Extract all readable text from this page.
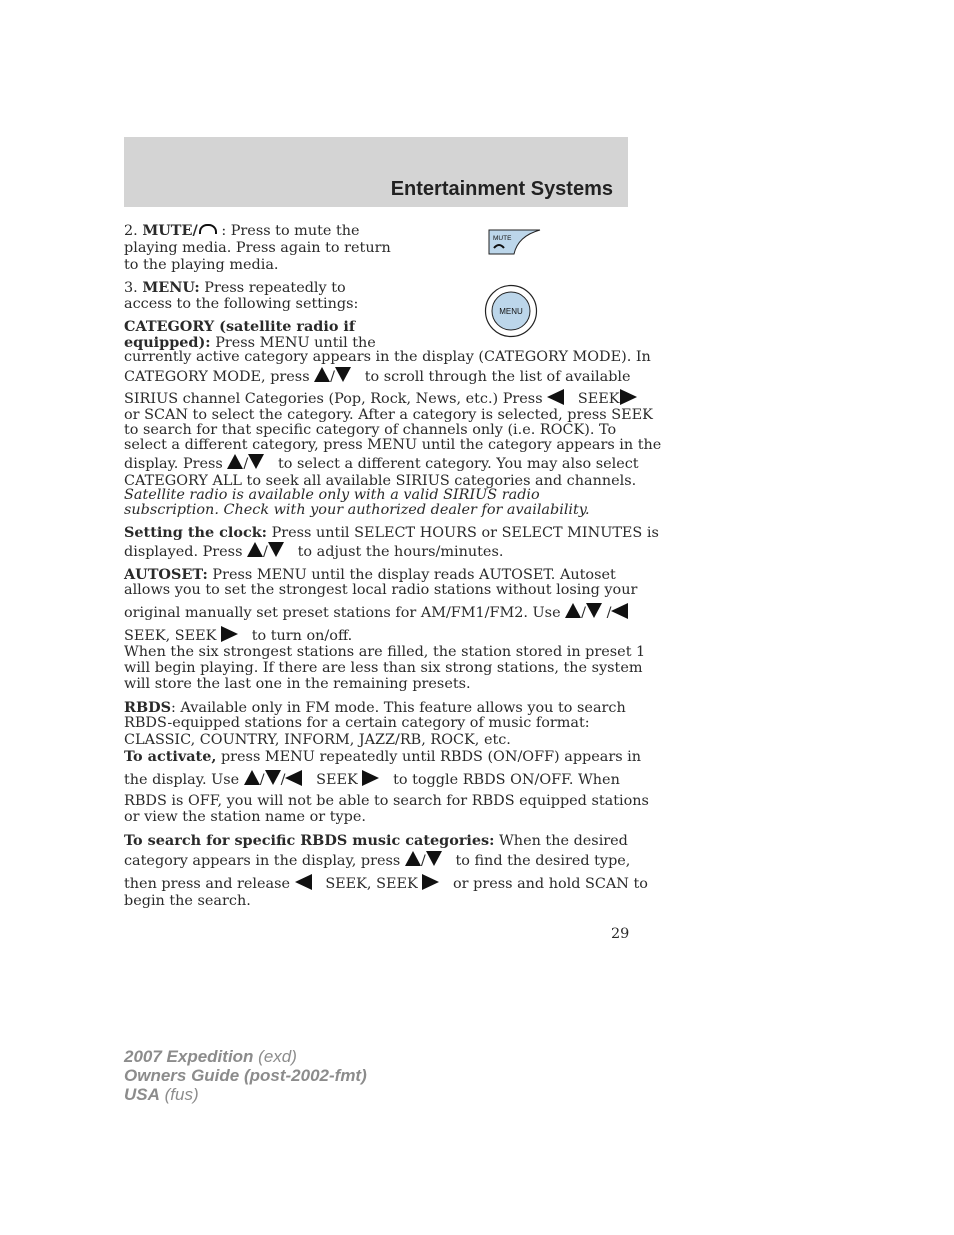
Entertainment Systems
2. MUTE/ : Press to mute the
playing media. Press again to return
to the playing media.
MUTE
3. MENU: Press repeatedly to
access to the following settings:	MENU
CATEGORY (satellite radio if
equipped): Press MENU until the
currently active category appears in the display (CATEGORY MODE). In
CATEGORY MODE, press / to scroll through the list of available
SIRIUS channel Categories (Pop, Rock, News, etc.) Press SEEK
or SCAN to select the category. After a category is selected, press SEEK
to search for that specific category of channels only (i.e. ROCK). To
select a different category, press MENU until the category appears in the
display. Press / to select a different category. You may also select
CATEGORY ALL to seek all available SIRIUS categories and channels.
Satellite radio is available only with a valid SIRIUS radio
subscription. Check with your authorized dealer for availability.
Setting the clock: Press until SELECT HOURS or SELECT MINUTES is
displayed. Press / to adjust the hours/minutes.
AUTOSET: Press MENU until the display reads AUTOSET. Autoset
allows you to set the strongest local radio stations without losing your
original manually set preset stations for AM/FM1/FM2. Use / /
SEEK, SEEK to turn on/off.
When the six strongest stations are filled, the station stored in preset 1
will begin playing. If there are less than six strong stations, the system
will store the last one in the remaining presets.
RBDS: Available only in FM mode. This feature allows you to search
RBDS-equipped stations for a certain category of music format:
CLASSIC, COUNTRY, INFORM, JAZZ/RB, ROCK, etc.
To activate, press MENU repeatedly until RBDS (ON/OFF) appears in
the display. Use / / SEEK to toggle RBDS ON/OFF. When
RBDS is OFF, you will not be able to search for RBDS equipped stations
or view the station name or type.
To search for specific RBDS music categories: When the desired
category appears in the display, press / to find the desired type,
then press and release SEEK, SEEK or press and hold SCAN to
begin the search.
29
2007 Expedition (exd)
Owners Guide (post-2002-fmt)
USA (fus)
